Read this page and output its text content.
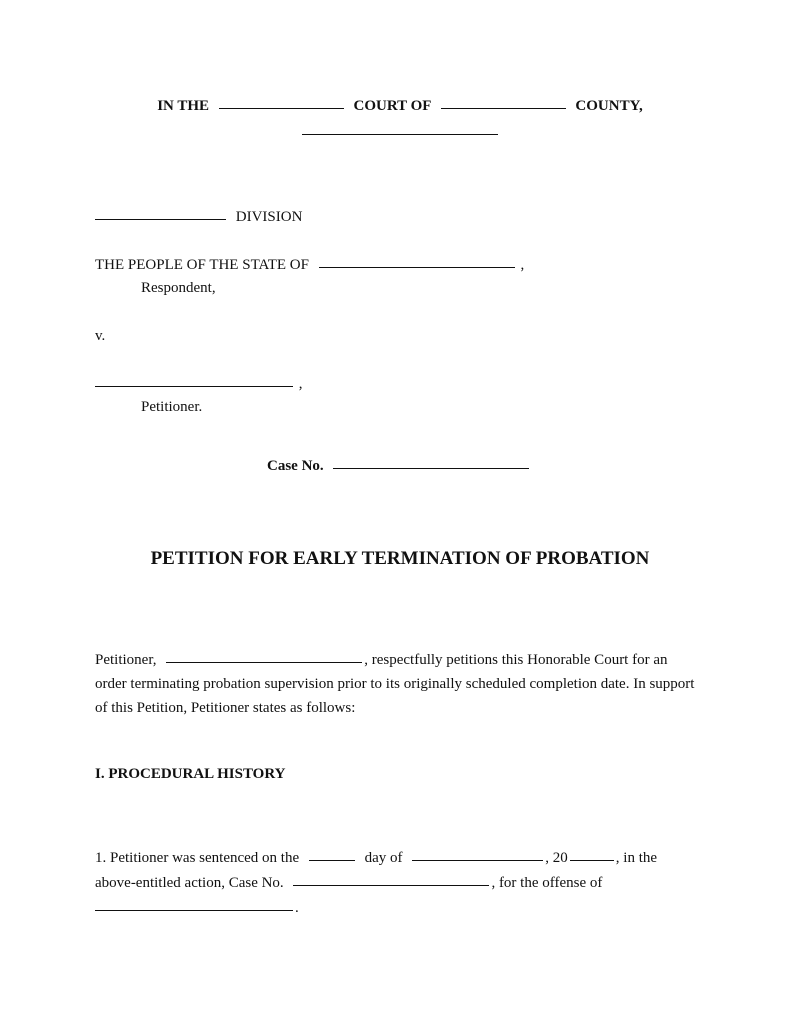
IN THE	COURT OF	COUNTY,
DIVISION
THE PEOPLE OF THE STATE OF	,
Respondent,
v.
,
Petitioner.
Case No.
PETITION FOR EARLY TERMINATION OF PROBATION
Petitioner,	, respectfully petitions this Honorable Court for an order terminating probation supervision prior to its originally scheduled completion date. In support of this Petition, Petitioner states as follows:
I. PROCEDURAL HISTORY
1. Petitioner was sentenced on the	day of	, 20	, in the above-entitled action, Case No.	, for the offense of
.
